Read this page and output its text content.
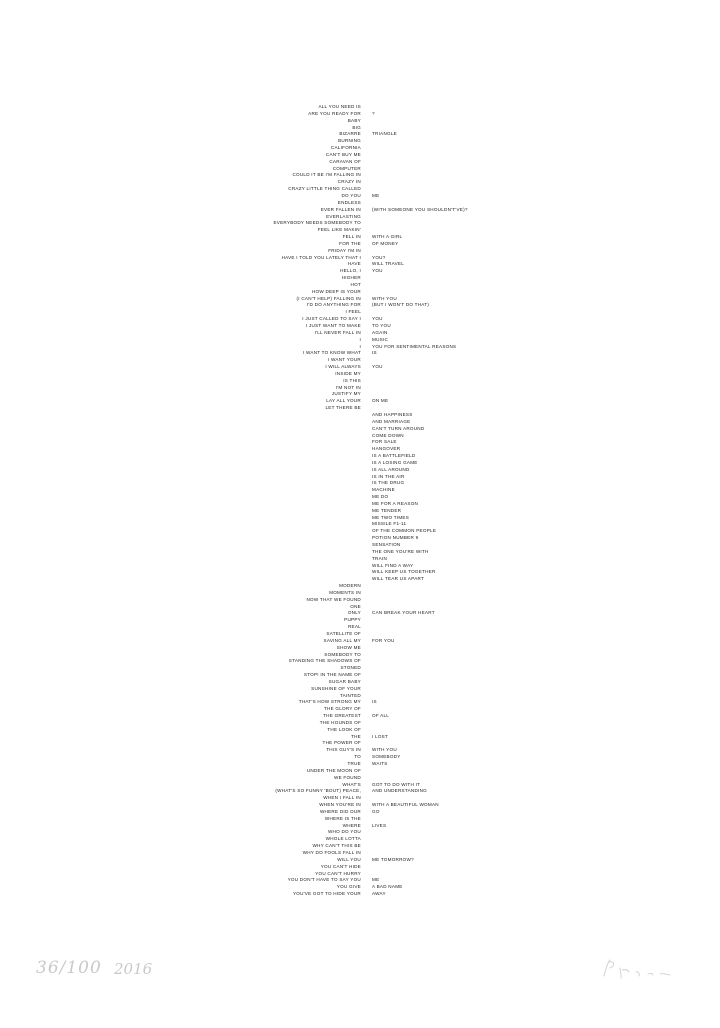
ALL YOU NEED IS
ARE YOU READY FOR ?
BABY
BIG
BIZARRE TRIANGLE
BURNING
CALIFORNIA
CAN'T BUY ME
CARAVAN OF
COMPUTER
COULD IT BE I'M FALLING IN
CRAZY IN
CRAZY LITTLE THING CALLED
DO YOU ME
ENDLESS
EVER FALLEN IN (WITH SOMEONE YOU SHOULDN'T'VE)?
EVERLASTING
EVERYBODY NEEDS SOMEBODY TO
FEEL LIKE MAKIN'
FELL IN WITH A GIRL
FOR THE OF MONEY
FRIDAY I'M IN
HAVE I TOLD YOU LATELY THAT I YOU?
HAVE WILL TRAVEL
HELLO, I YOU
HIGHER
HOT
HOW DEEP IS YOUR
(I CAN'T HELP) FALLING IN WITH YOU
I'D DO ANYTHING FOR (BUT I WON'T DO THAT)
I FEEL
I JUST CALLED TO SAY I YOU
I JUST WANT TO MAKE TO YOU
I'LL NEVER FALL IN AGAIN
I MUSIC
I YOU FOR SENTIMENTAL REASONS
I WANT TO KNOW WHAT IS
I WANT YOUR
I WILL ALWAYS YOU
INSIDE MY
IS THIS
I'M NOT IN
JUSTIFY MY
LAY ALL YOUR ON ME
LET THERE BE
AND HAPPINESS
AND MARRIAGE
CAN'T TURN AROUND
COME DOWN
FOR SALE
HANGOVER
IS A BATTLEFIELD
IS A LOSING GAME
IS ALL AROUND
IS IN THE AIR
IS THE DRUG
MACHINE
ME DO
ME FOR A REASON
ME TENDER
ME TWO TIMES
MISSILE F1-11
OF THE COMMON PEOPLE
POTION NUMBER 9
SENSATION
THE ONE YOU'RE WITH
TRAIN
WILL FIND A WAY
WILL KEEP US TOGETHER
WILL TEAR US APART
MODERN
MOMENTS IN
NOW THAT WE FOUND
ONE
ONLY CAN BREAK YOUR HEART
PUPPY
REAL
SATELLITE OF
SAVING ALL MY FOR YOU
SHOW ME
SOMEBODY TO
STANDING THE SHADOWS OF
STONED
STOP! IN THE NAME OF
SUGAR BABY
SUNSHINE OF YOUR
TAINTED
THAT'S HOW STRONG MY IS
THE GLORY OF
THE GREATEST OF ALL
THE HOUNDS OF
THE LOOK OF
THE I LOST
THE POWER OF
THIS GUY'S IN WITH YOU
TO SOMEBODY
TRUE WAITS
UNDER THE MOON OF
WE FOUND
WHAT'S GOT TO DO WITH IT
(WHAT'S SO FUNNY 'BOUT) PEACE, AND UNDERSTANDING
WHEN I FALL IN
WHEN YOU'RE IN WITH A BEAUTIFUL WOMAN
WHERE DID OUR GO
WHERE IS THE
WHERE LIVES
WHO DO YOU
WHOLE LOTTA
WHY CAN'T THIS BE
WHY DO FOOLS FALL IN
WILL YOU ME TOMORROW?
YOU CAN'T HIDE
YOU CAN'T HURRY
YOU DON'T HAVE TO SAY YOU ME
YOU GIVE A BAD NAME
YOU'VE GOT TO HIDE YOUR AWAY
36/100 2016
